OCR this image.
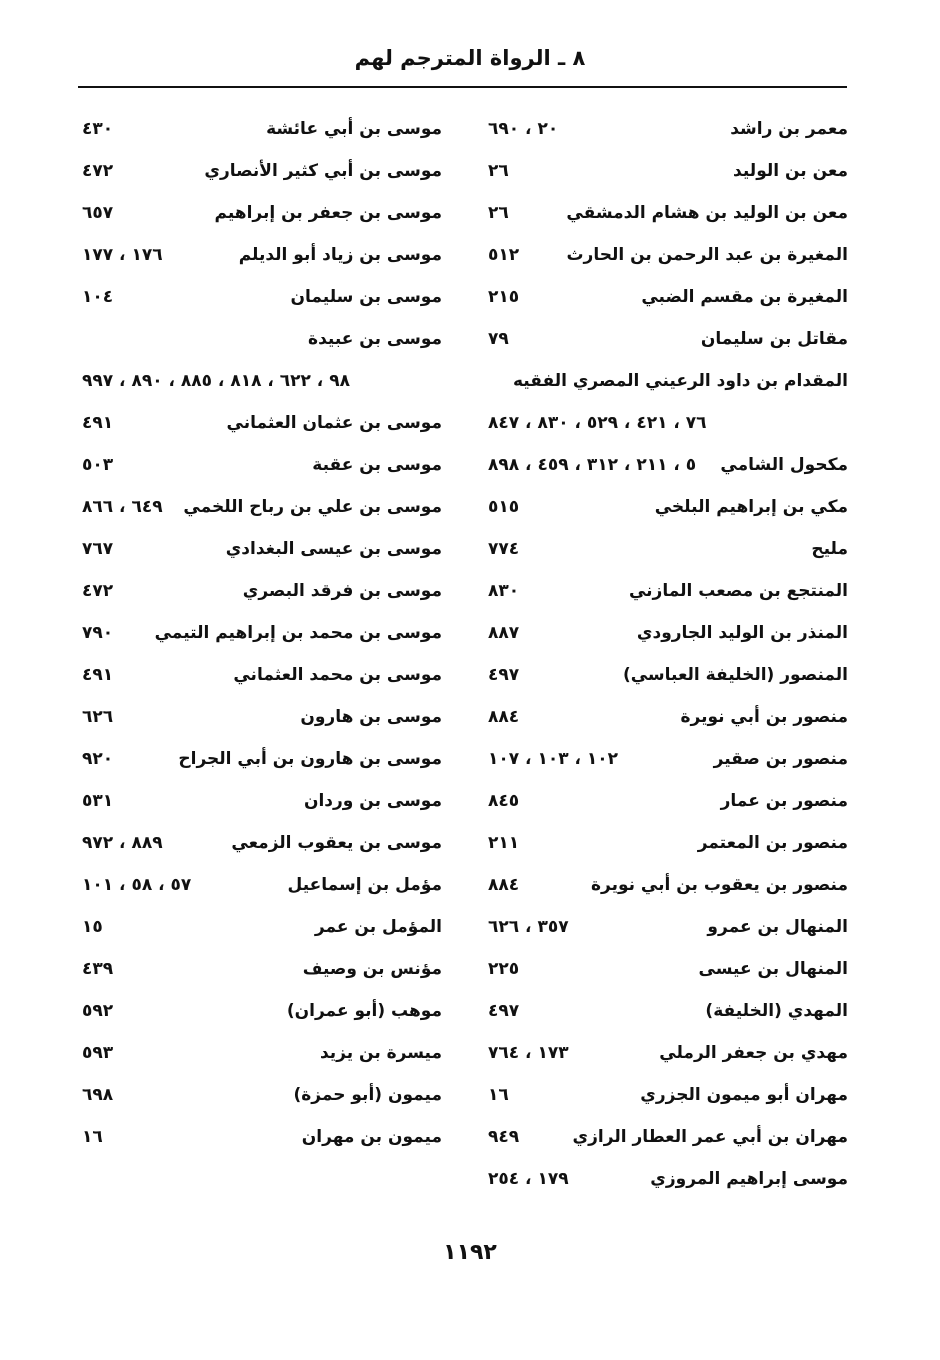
٨ ـ الرواة المترجم لهم
معمر بن راشد
٢٠ ، ٦٩٠
معن بن الوليد
٢٦
معن بن الوليد بن هشام الدمشقي
٢٦
المغيرة بن عبد الرحمن بن الحارث
٥١٢
المغيرة بن مقسم الضبي
٢١٥
مقاتل بن سليمان
٧٩
المقدام بن داود الرعيني المصري الفقيه
٧٦ ، ٤٢١ ، ٥٢٩ ، ٨٣٠ ، ٨٤٧
مكحول الشامي
٥ ، ٢١١ ، ٣١٢ ، ٤٥٩ ، ٨٩٨
مكي بن إبراهيم البلخي
٥١٥
مليح
٧٧٤
المنتجع بن مصعب المازني
٨٣٠
المنذر بن الوليد الجارودي
٨٨٧
المنصور (الخليفة العباسي)
٤٩٧
منصور بن أبي نويرة
٨٨٤
منصور بن صقير
١٠٢ ، ١٠٣ ، ١٠٧
منصور بن عمار
٨٤٥
منصور بن المعتمر
٢١١
منصور بن يعقوب بن أبي نويرة
٨٨٤
المنهال بن عمرو
٣٥٧ ، ٦٢٦
المنهال بن عيسى
٢٢٥
المهدي (الخليفة)
٤٩٧
مهدي بن جعفر الرملي
١٧٣ ، ٧٦٤
مهران أبو ميمون الجزري
١٦
مهران بن أبي عمر العطار الرازي
٩٤٩
موسى إبراهيم المروزي
١٧٩ ، ٢٥٤
موسى بن أبي عائشة
٤٣٠
موسى بن أبي كثير الأنصاري
٤٧٢
موسى بن جعفر بن إبراهيم
٦٥٧
موسى بن زياد أبو الديلم
١٧٦ ، ١٧٧
موسى بن سليمان
١٠٤
موسى بن عبيدة
٩٨ ، ٦٢٢ ، ٨١٨ ، ٨٨٥ ، ٨٩٠ ، ٩٩٧
موسى بن عثمان العثماني
٤٩١
موسى بن عقبة
٥٠٣
موسى بن علي بن رباح اللخمي
٦٤٩ ، ٨٦٦
موسى بن عيسى البغدادي
٧٦٧
موسى بن فرقد البصري
٤٧٢
موسى بن محمد بن إبراهيم التيمي
٧٩٠
موسى بن محمد العثماني
٤٩١
موسى بن هارون
٦٢٦
موسى بن هارون بن أبي الجراح
٩٢٠
موسى بن وردان
٥٣١
موسى بن يعقوب الزمعي
٨٨٩ ، ٩٧٢
مؤمل بن إسماعيل
٥٧ ، ٥٨ ، ١٠١
المؤمل بن عمر
١٥
مؤنس بن وصيف
٤٣٩
موهب (أبو عمران)
٥٩٢
ميسرة بن يزيد
٥٩٣
ميمون (أبو حمزة)
٦٩٨
ميمون بن مهران
١٦
١١٩٢
